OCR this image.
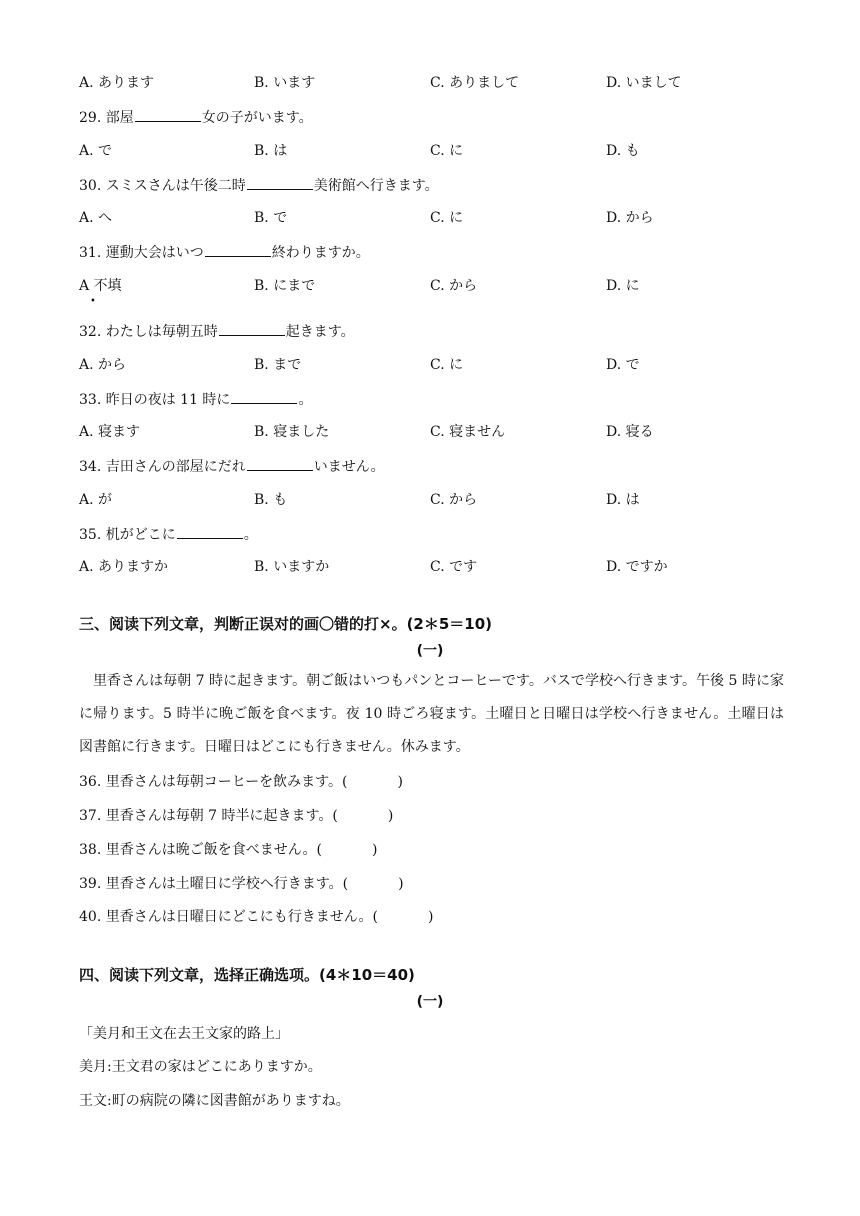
A. あります	B. います	C. ありまして	D. いまして
29. 部屋	女の子がいます。
A. で	B. は	C. に	D. も
30. スミスさんは午後二時	美術館へ行きます。
A. へ	B. で	C. に	D. から
31. 運動大会はいつ	終わりますか。
A 不填	B. にまで	C. から	D. に
•
32. わたしは毎朝五時	起きます。
A. から	B. まで	C. に	D. で
33. 昨日の夜は 11 時に	。
A. 寝ます	B. 寝ました	C. 寝ません	D. 寝る
34. 吉田さんの部屋にだれ	いません。
A. が	B. も	C. から	D. は
35. 机がどこに	。
A. ありますか	B. いますか	C. です	D. ですか
三、阅读下列文章，判断正误对的画〇错的打×。(2＊5＝10)
(一)
里香さんは毎朝 7 時に起きます。朝ご飯はいつもパンとコーヒーです。バスで学校へ行きます。午後 5 時に家に帰ります。5 時半に晩ご飯を食べます。夜 10 時ごろ寝ます。土曜日と日曜日は学校へ行きません。土曜日は図書館に行きます。日曜日はどこにも行きません。休みます。
36. 里香さんは毎朝コーヒーを飲みます。(	)
37. 里香さんは毎朝 7 時半に起きます。(	)
38. 里香さんは晩ご飯を食べません。(	)
39. 里香さんは土曜日に学校へ行きます。(	)
40. 里香さんは日曜日にどこにも行きません。(	)
四、阅读下列文章，选择正确选项。(4＊10＝40)
(一)
「美月和王文在去王文家的路上」
美月:王文君の家はどこにありますか。
王文:町の病院の隣に図書館がありますね。
